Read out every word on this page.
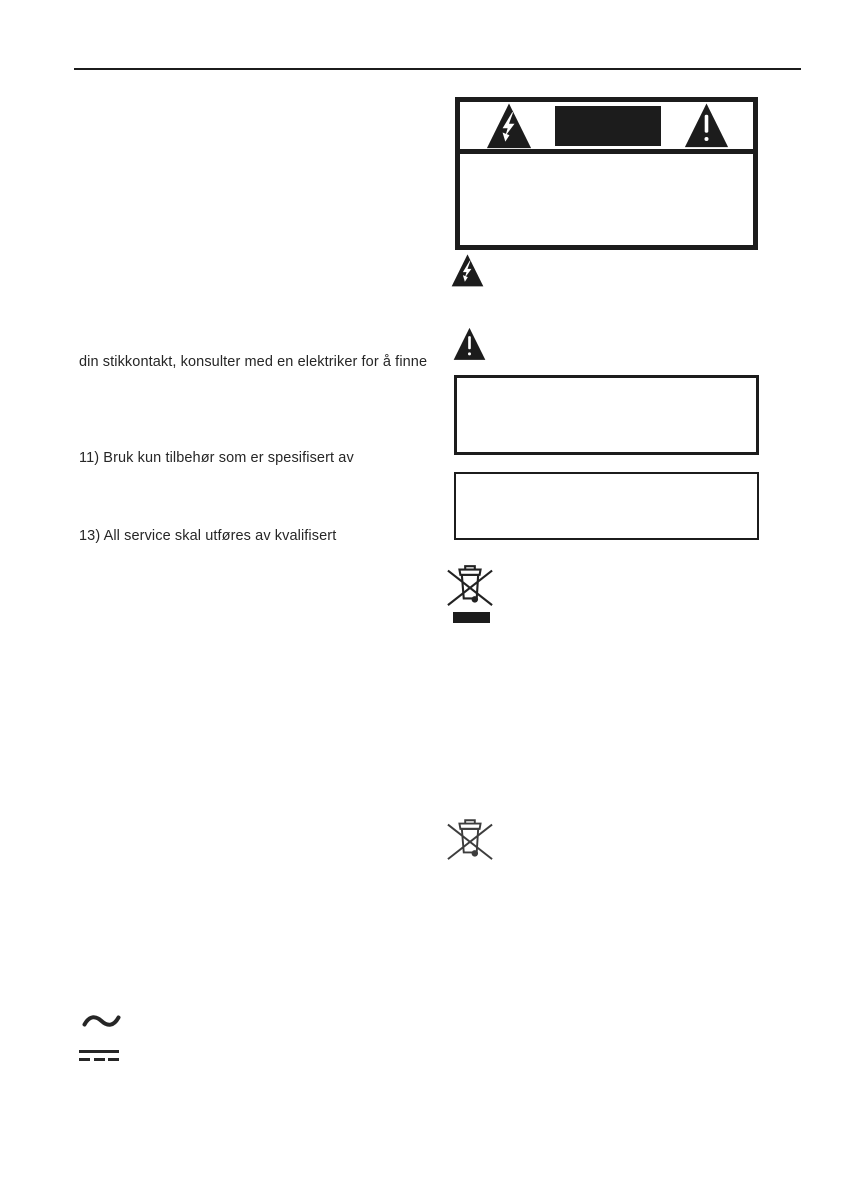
din stikkontakt, konsulter med en elektriker for å finne
11) Bruk kun tilbehør som er spesifisert av
13) All service skal utføres av kvalifisert
